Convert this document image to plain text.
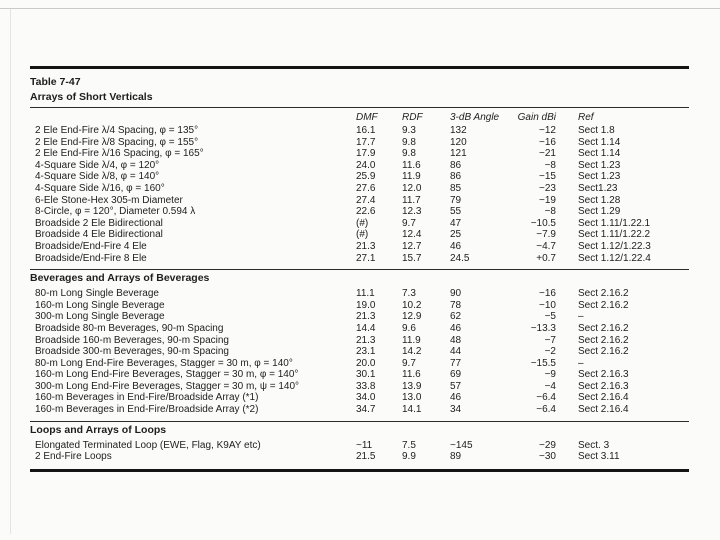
Table 7-47
Arrays of Short Verticals
DMF	RDF	3-dB Angle	Gain dBi	Ref
2 Ele End-Fire λ/4 Spacing, φ = 135°	16.1	9.3	132	−12	Sect 1.8
2 Ele End-Fire λ/8 Spacing, φ = 155°	17.7	9.8	120	−16	Sect 1.14
2 Ele End-Fire λ/16 Spacing, φ = 165°	17.9	9.8	121	−21	Sect 1.14
4-Square Side λ/4, φ = 120°	24.0	11.6	86	−8	Sect 1.23
4-Square Side λ/8, φ = 140°	25.9	11.9	86	−15	Sect 1.23
4-Square Side λ/16, φ = 160°	27.6	12.0	85	−23	Sect1.23
6-Ele Stone-Hex 305-m Diameter	27.4	11.7	79	−19	Sect 1.28
8-Circle, φ = 120°, Diameter 0.594 λ	22.6	12.3	55	−8	Sect 1.29
Broadside 2 Ele Bidirectional	(#)	9.7	47	−10.5	Sect 1.11/1.22.1
Broadside 4 Ele Bidirectional	(#)	12.4	25	−7.9	Sect 1.11/1.22.2
Broadside/End-Fire 4 Ele	21.3	12.7	46	−4.7	Sect 1.12/1.22.3
Broadside/End-Fire 8 Ele	27.1	15.7	24.5	+0.7	Sect 1.12/1.22.4
Beverages and Arrays of Beverages
80-m Long Single Beverage	11.1	7.3	90	−16	Sect 2.16.2
160-m Long Single Beverage	19.0	10.2	78	−10	Sect 2.16.2
300-m Long Single Beverage	21.3	12.9	62	−5	–
Broadside 80-m Beverages, 90-m Spacing	14.4	9.6	46	−13.3	Sect 2.16.2
Broadside 160-m Beverages, 90-m Spacing	21.3	11.9	48	−7	Sect 2.16.2
Broadside 300-m Beverages, 90-m Spacing	23.1	14.2	44	−2	Sect 2.16.2
80-m Long End-Fire Beverages, Stagger = 30 m, φ = 140°	20.0	9.7	77	−15.5	–
160-m Long End-Fire Beverages, Stagger = 30 m, φ = 140°	30.1	11.6	69	−9	Sect 2.16.3
300-m Long End-Fire Beverages, Stagger = 30 m, ψ = 140°	33.8	13.9	57	−4	Sect 2.16.3
160-m Beverages in End-Fire/Broadside Array (*1)	34.0	13.0	46	−6.4	Sect 2.16.4
160-m Beverages in End-Fire/Broadside Array (*2)	34.7	14.1	34	−6.4	Sect 2.16.4
Loops and Arrays of Loops
Elongated Terminated Loop (EWE, Flag, K9AY etc)	~11	7.5	~145	−29	Sect. 3
2 End-Fire Loops	21.5	9.9	89	−30	Sect 3.11
